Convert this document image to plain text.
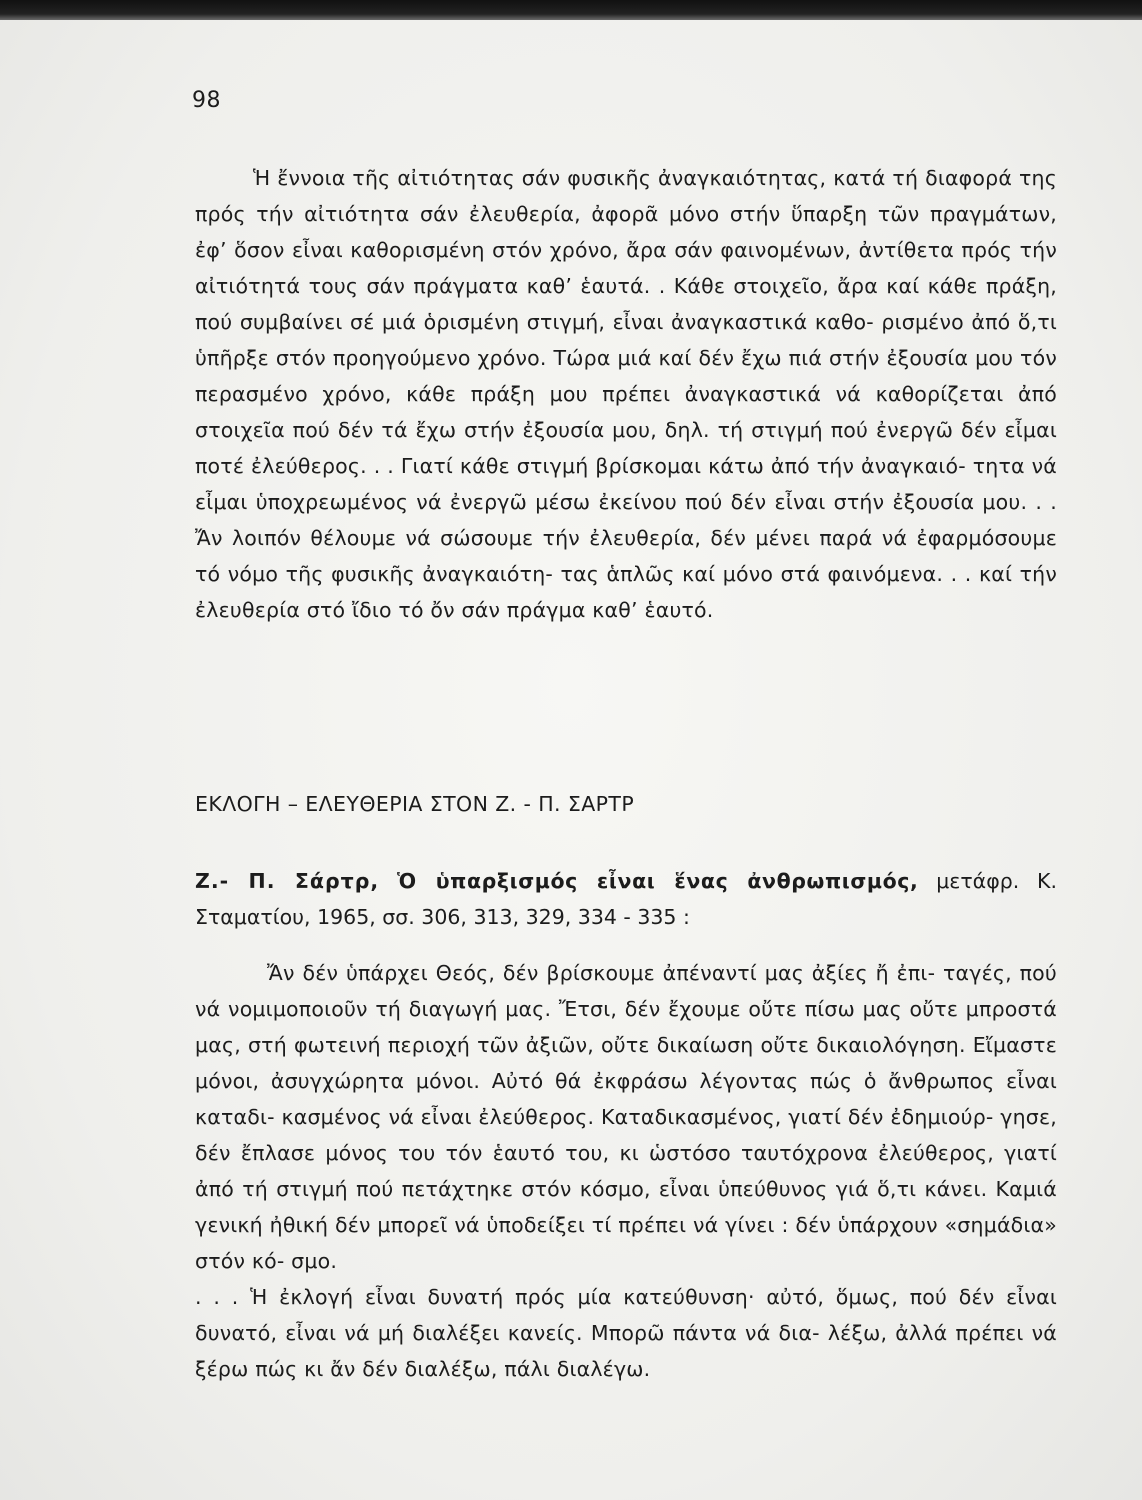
98

Ἡ ἔννοια τῆς αἰτιότητας σάν φυσικῆς ἀναγκαιότητας, κατά τή διαφορά της πρός τήν αἰτιότητα σάν ἐλευθερία, ἀφορᾶ μόνο στήν ὕπαρξη τῶν πραγμάτων, ἐφ’ ὅσον εἶναι καθορισμένη στόν χρόνο, ἄρα σάν φαινομένων, ἀντίθετα πρός τήν αἰτιότητά τους σάν πράγματα καθ’ ἑαυτά. . Κάθε στοιχεῖο, ἄρα καί κάθε πράξη, πού συμβαίνει σέ μιά ὁρισμένη στιγμή, εἶναι ἀναγκαστικά καθο- ρισμένο ἀπό ὅ,τι ὑπῆρξε στόν προηγούμενο χρόνο. Τώρα μιά καί δέν ἔχω πιά στήν ἐξουσία μου τόν περασμένο χρόνο, κάθε πράξη μου πρέπει ἀναγκαστικά νά καθορίζεται ἀπό στοιχεῖα πού δέν τά ἔχω στήν ἐξουσία μου, δηλ. τή στιγμή πού ἐνεργῶ δέν εἶμαι ποτέ ἐλεύθερος. . . Γιατί κάθε στιγμή βρίσκομαι κάτω ἀπό τήν ἀναγκαιό- τητα νά εἶμαι ὑποχρεωμένος νά ἐνεργῶ μέσω ἐκείνου πού δέν εἶναι στήν ἐξουσία μου. . . Ἄν λοιπόν θέλουμε νά σώσουμε τήν ἐλευθερία, δέν μένει παρά νά ἐφαρμόσουμε τό νόμο τῆς φυσικῆς ἀναγκαιότη- τας ἁπλῶς καί μόνο στά φαινόμενα. . . καί τήν ἐλευθερία στό ἴδιο τό ὄν σάν πράγμα καθ’ ἑαυτό.

ΕΚΛΟΓΗ – ΕΛΕΥΘΕΡΙΑ ΣΤΟΝ Ζ. - Π. ΣΑΡΤΡ
Ζ.- Π. Σάρτρ, Ὁ ὑπαρξισμός εἶναι ἕνας ἀνθρωπισμός, μετάφρ. Κ. Σταματίου, 1965, σσ. 306, 313, 329, 334 - 335 :

Ἄν δέν ὑπάρχει Θεός, δέν βρίσκουμε ἀπέναντί μας ἀξίες ἤ ἐπι- ταγές, πού νά νομιμοποιοῦν τή διαγωγή μας. Ἔτσι, δέν ἔχουμε οὔτε πίσω μας οὔτε μπροστά μας, στή φωτεινή περιοχή τῶν ἀξιῶν, οὔτε δικαίωση οὔτε δικαιολόγηση. Εἴμαστε μόνοι, ἀσυγχώρητα μόνοι. Αὐτό θά ἐκφράσω λέγοντας πώς ὁ ἄνθρωπος εἶναι καταδι- κασμένος νά εἶναι ἐλεύθερος. Καταδικασμένος, γιατί δέν ἐδημιούρ- γησε, δέν ἔπλασε μόνος του τόν ἑαυτό του, κι ὡστόσο ταυτόχρονα ἐλεύθερος, γιατί ἀπό τή στιγμή πού πετάχτηκε στόν κόσμο, εἶναι ὑπεύθυνος γιά ὅ,τι κάνει. Καμιά γενική ἠθική δέν μπορεῖ νά ὑποδείξει τί πρέπει νά γίνει : δέν ὑπάρχουν «σημάδια» στόν κό- σμο.

. . . Ἡ ἐκλογή εἶναι δυνατή πρός μία κατεύθυνση· αὐτό, ὅμως, πού δέν εἶναι δυνατό, εἶναι νά μή διαλέξει κανείς. Μπορῶ πάντα νά δια- λέξω, ἀλλά πρέπει νά ξέρω πώς κι ἄν δέν διαλέξω, πάλι διαλέγω.
